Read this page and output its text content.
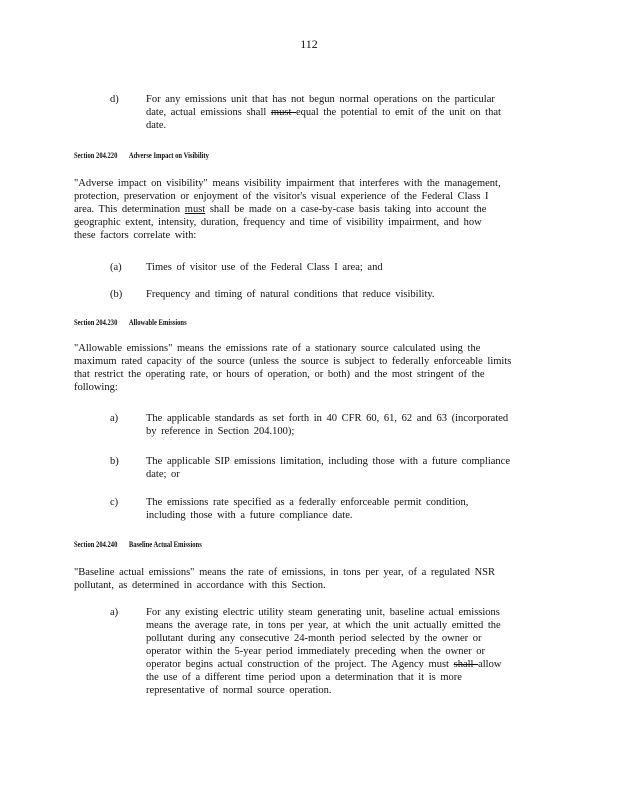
112
d)	For any emissions unit that has not begun normal operations on the particular
date, actual emissions shall must equal the potential to emit of the unit on that
date.
Section 204.220 Adverse Impact on Visibility
"Adverse impact on visibility" means visibility impairment that interferes with the management,
protection, preservation or enjoyment of the visitor's visual experience of the Federal Class I
area. This determination must shall be made on a case-by-case basis taking into account the
geographic extent, intensity, duration, frequency and time of visibility impairment, and how
these factors correlate with:
(a) Times of visitor use of the Federal Class I area; and
(b) Frequency and timing of natural conditions that reduce visibility.
Section 204.230 Allowable Emissions
"Allowable emissions" means the emissions rate of a stationary source calculated using the
maximum rated capacity of the source (unless the source is subject to federally enforceable limits
that restrict the operating rate, or hours of operation, or both) and the most stringent of the
following:
a)	The applicable standards as set forth in 40 CFR 60, 61, 62 and 63 (incorporated
by reference in Section 204.100);
b)	The applicable SIP emissions limitation, including those with a future compliance
date; or
c)	The emissions rate specified as a federally enforceable permit condition,
including those with a future compliance date.
Section 204.240 Baseline Actual Emissions
"Baseline actual emissions" means the rate of emissions, in tons per year, of a regulated NSR
pollutant, as determined in accordance with this Section.
a)	For any existing electric utility steam generating unit, baseline actual emissions
means the average rate, in tons per year, at which the unit actually emitted the
pollutant during any consecutive 24-month period selected by the owner or
operator within the 5-year period immediately preceding when the owner or
operator begins actual construction of the project. The Agency must shall allow
the use of a different time period upon a determination that it is more
representative of normal source operation.
